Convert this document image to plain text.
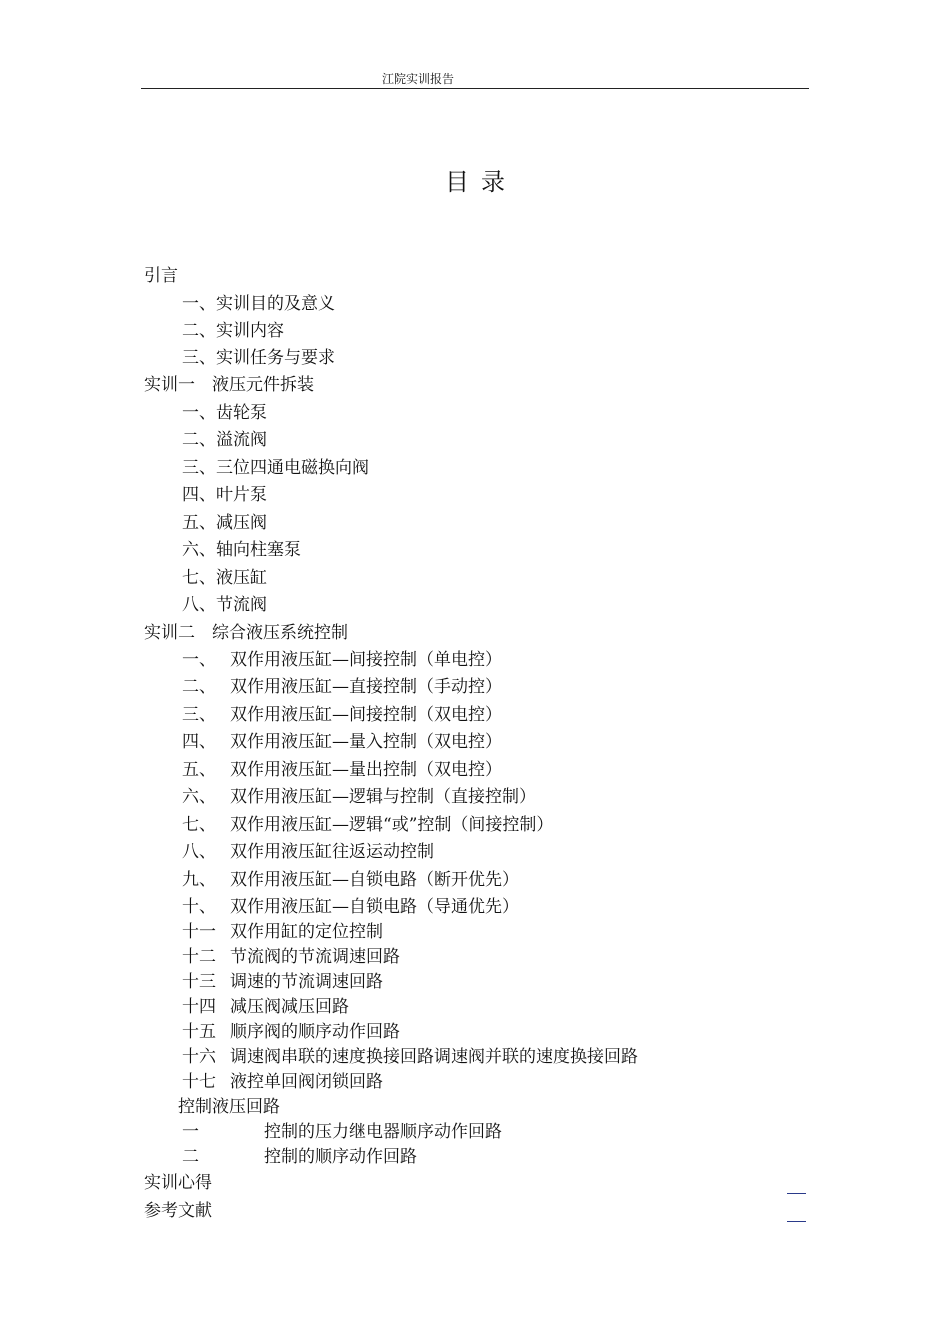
江院实训报告
目录
引言
一、实训目的及意义
二、实训内容
三、实训任务与要求
实训一　液压元件拆装
一、齿轮泵
二、溢流阀
三、三位四通电磁换向阀
四、叶片泵
五、减压阀
六、轴向柱塞泵
七、液压缸
八、节流阀
实训二　综合液压系统控制
一、 双作用液压缸—间接控制（单电控）
二、 双作用液压缸—直接控制（手动控）
三、 双作用液压缸—间接控制（双电控）
四、 双作用液压缸—量入控制（双电控）
五、 双作用液压缸—量出控制（双电控）
六、 双作用液压缸—逻辑与控制（直接控制）
七、 双作用液压缸—逻辑“或”控制（间接控制）
八、 双作用液压缸往返运动控制
九、 双作用液压缸—自锁电路（断开优先）
十、 双作用液压缸—自锁电路（导通优先）
十一 双作用缸的定位控制
十二 节流阀的节流调速回路
十三 调速的节流调速回路
十四 减压阀减压回路
十五 顺序阀的顺序动作回路
十六 调速阀串联的速度换接回路调速阀并联的速度换接回路
十七 液控单回阀闭锁回路
控制液压回路
一	控制的压力继电器顺序动作回路
二	控制的顺序动作回路
实训心得
参考文献
